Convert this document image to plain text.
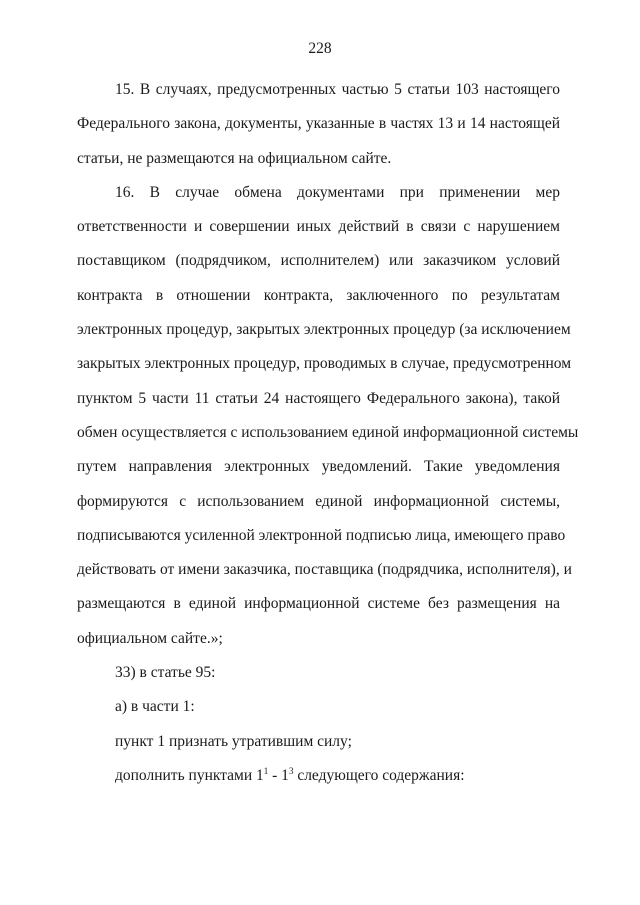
228
15. В случаях, предусмотренных частью 5 статьи 103 настоящего
Федерального закона, документы, указанные в частях 13 и 14 настоящей
статьи, не размещаются на официальном сайте.
16. В случае обмена документами при применении мер
ответственности и совершении иных действий в связи с нарушением
поставщиком (подрядчиком, исполнителем) или заказчиком условий
контракта в отношении контракта, заключенного по результатам
электронных процедур, закрытых электронных процедур (за исключением
закрытых электронных процедур, проводимых в случае, предусмотренном
пунктом 5 части 11 статьи 24 настоящего Федерального закона), такой
обмен осуществляется с использованием единой информационной системы
путем направления электронных уведомлений. Такие уведомления
формируются с использованием единой информационной системы,
подписываются усиленной электронной подписью лица, имеющего право
действовать от имени заказчика, поставщика (подрядчика, исполнителя), и
размещаются в единой информационной системе без размещения на
официальном сайте.»;
33) в статье 95:
а) в части 1:
пункт 1 признать утратившим силу;
дополнить пунктами $1^1 - 1^3$ следующего содержания:
